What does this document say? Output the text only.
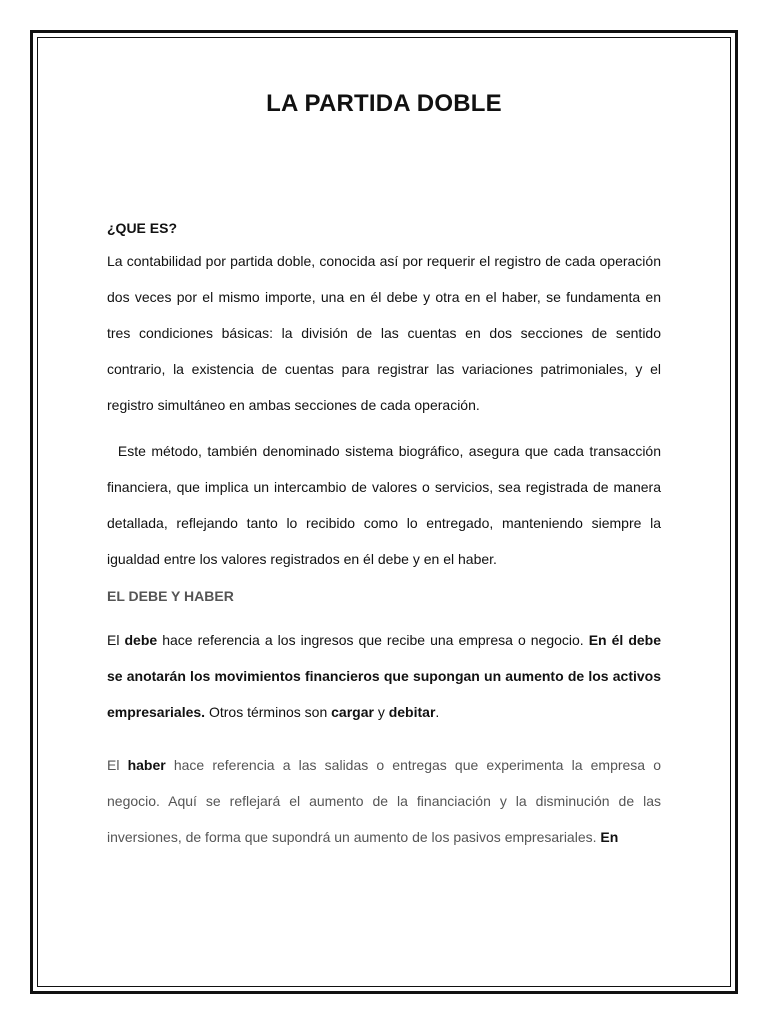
LA PARTIDA DOBLE
¿QUE ES?

La contabilidad por partida doble, conocida así por requerir el registro de cada operación dos veces por el mismo importe, una en él debe y otra en el haber, se fundamenta en tres condiciones básicas: la división de las cuentas en dos secciones de sentido contrario, la existencia de cuentas para registrar las variaciones patrimoniales, y el registro simultáneo en ambas secciones de cada operación.

Este método, también denominado sistema biográfico, asegura que cada transacción financiera, que implica un intercambio de valores o servicios, sea registrada de manera detallada, reflejando tanto lo recibido como lo entregado, manteniendo siempre la igualdad entre los valores registrados en él debe y en el haber.

EL DEBE Y HABER

El debe hace referencia a los ingresos que recibe una empresa o negocio. En él debe se anotarán los movimientos financieros que supongan un aumento de los activos empresariales. Otros términos son cargar y debitar.

El haber hace referencia a las salidas o entregas que experimenta la empresa o negocio. Aquí se reflejará el aumento de la financiación y la disminución de las inversiones, de forma que supondrá un aumento de los pasivos empresariales. En
